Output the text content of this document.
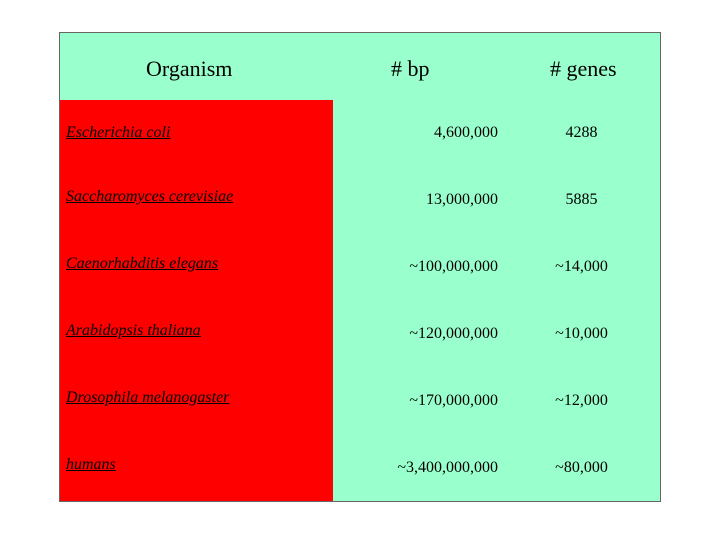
Organism	# bp	# genes
Escherichia coli	4,600,000	4288
Saccharomyces cerevisiae	13,000,000	5885
Caenorhabditis elegans	~100,000,000	~14,000
Arabidopsis thaliana	~120,000,000	~10,000
Drosophila melanogaster	~170,000,000	~12,000
humans	~3,400,000,000	~80,000
